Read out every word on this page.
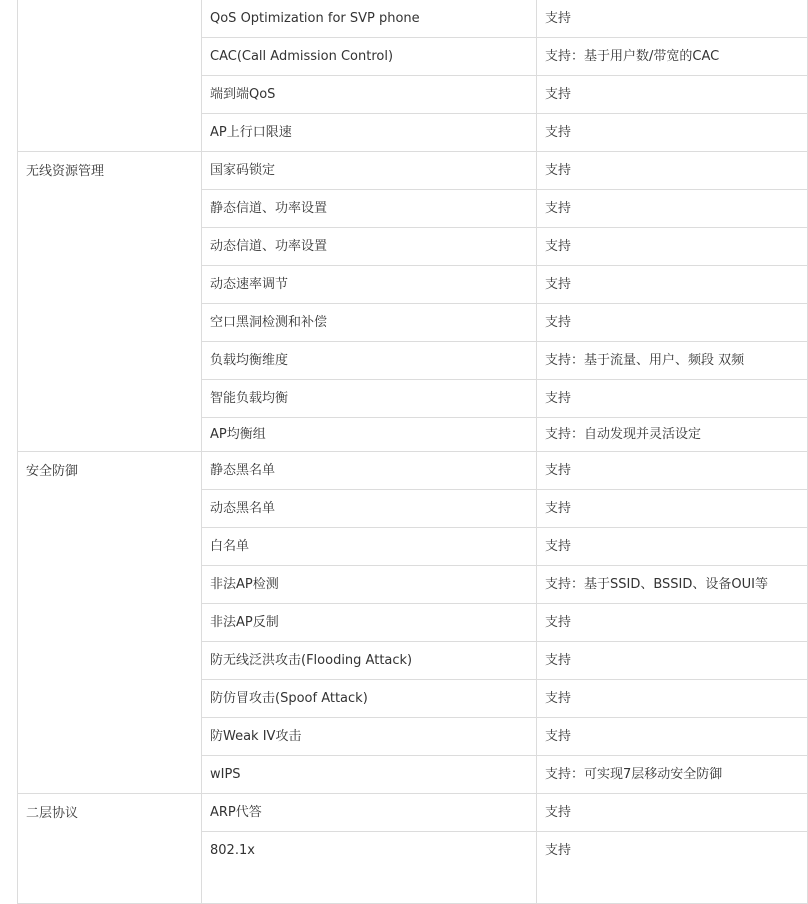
	QoS Optimization for SVP phone	支持
	CAC(Call Admission Control)	支持：基于用户数/带宽的CAC
	端到端QoS	支持
	AP上行口限速	支持
无线资源管理	国家码锁定	支持
	静态信道、功率设置	支持
	动态信道、功率设置	支持
	动态速率调节	支持
	空口黑洞检测和补偿	支持
	负载均衡维度	支持：基于流量、用户、频段 双频
	智能负载均衡	支持
	AP均衡组	支持：自动发现并灵活设定
安全防御	静态黑名单	支持
	动态黑名单	支持
	白名单	支持
	非法AP检测	支持：基于SSID、BSSID、设备OUI等
	非法AP反制	支持
	防无线泛洪攻击(Flooding Attack)	支持
	防仿冒攻击(Spoof Attack)	支持
	防Weak IV攻击	支持
	wIPS	支持：可实现7层移动安全防御
二层协议	ARP代答	支持
	802.1x	支持
